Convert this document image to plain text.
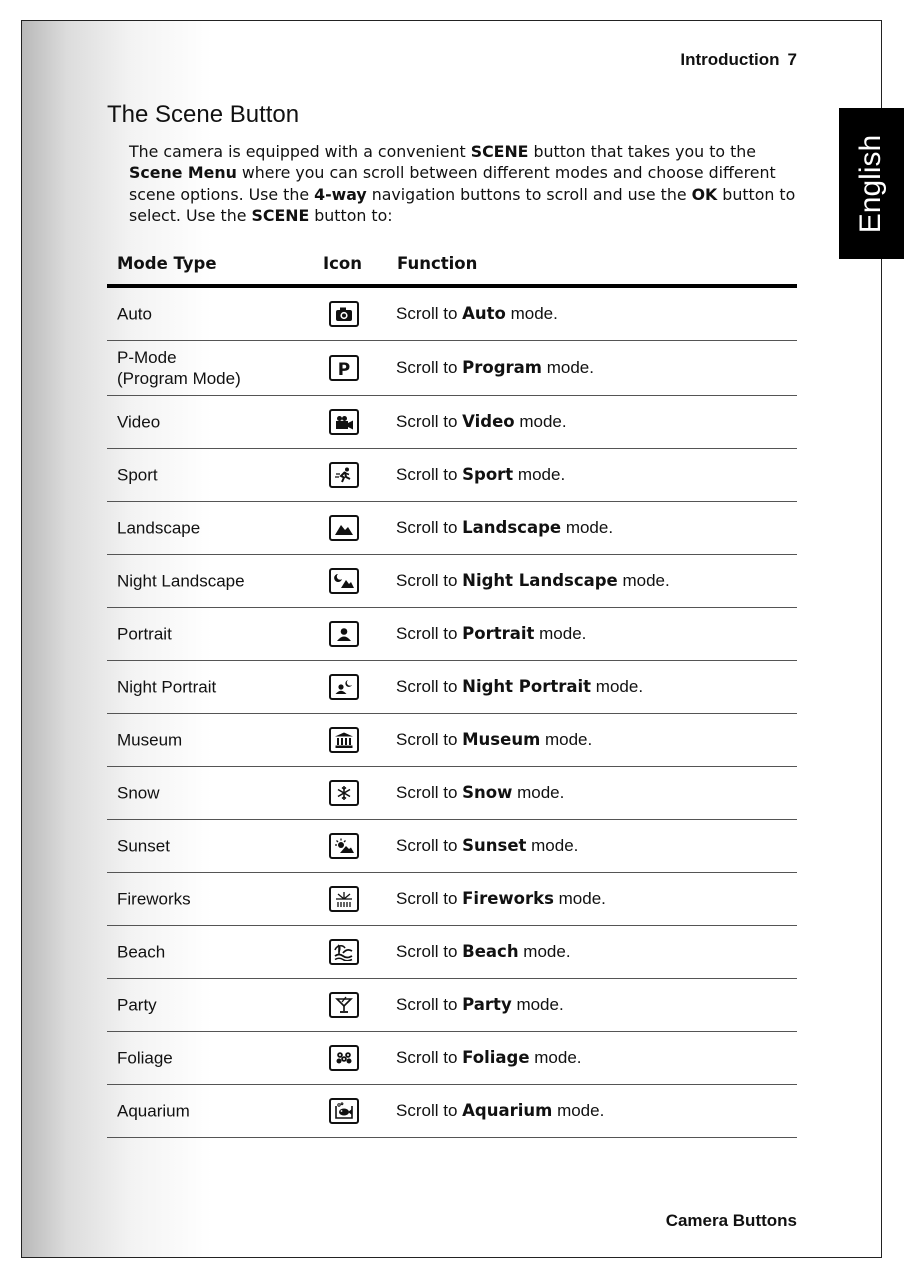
Introduction 7
English
The Scene Button
The camera is equipped with a convenient SCENE button that takes you to the Scene Menu where you can scroll between different modes and choose different scene options. Use the 4-way navigation buttons to scroll and use the OK button to select. Use the SCENE button to:
Mode Type	Icon Function
Auto	Scroll to Auto mode.
P-Mode
(Program Mode)	P	Scroll to Program mode.
Video	Scroll to Video mode.
Sport	Scroll to Sport mode.
Landscape	Scroll to Landscape mode.
Night Landscape	Scroll to Night Landscape mode.
Portrait	Scroll to Portrait mode.
Night Portrait	Scroll to Night Portrait mode.
Museum	Scroll to Museum mode.
Snow	Scroll to Snow mode.
Sunset	Scroll to Sunset mode.
Fireworks	Scroll to Fireworks mode.
Beach	Scroll to Beach mode.
Party	Scroll to Party mode.
Foliage	Scroll to Foliage mode.
Aquarium	Scroll to Aquarium mode.
Camera Buttons
